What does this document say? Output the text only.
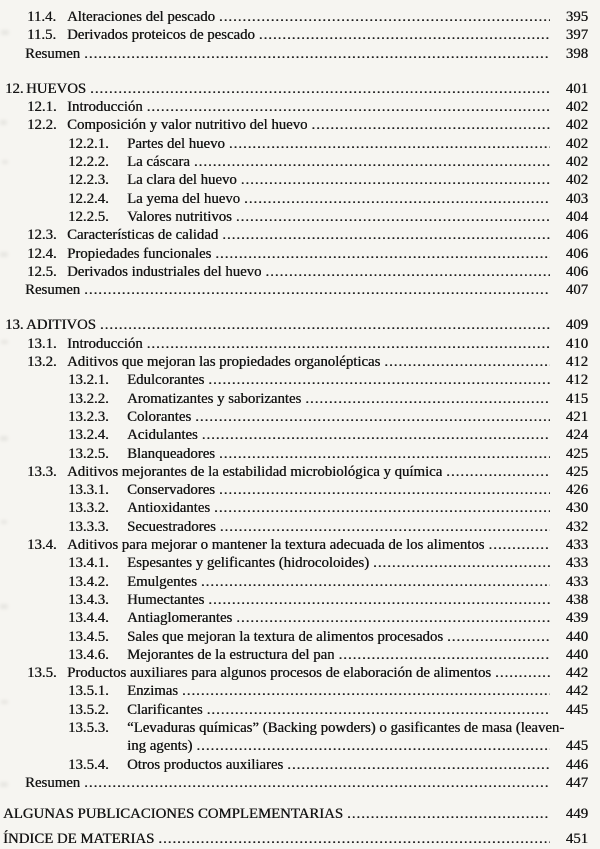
11.4. Alteraciones del pescado .....	395
11.5. Derivados proteicos de pescado .....	397
Resumen .....	398
12. HUEVOS .....	401
12.1. Introducción .....	402
12.2. Composición y valor nutritivo del huevo .....	402
12.2.1.	Partes del huevo .....	402
12.2.2.	La cáscara .....	402
12.2.3.	La clara del huevo .....	402
12.2.4.	La yema del huevo .....	403
12.2.5.	Valores nutritivos .....	404
12.3. Características de calidad .....	406
12.4. Propiedades funcionales .....	406
12.5. Derivados industriales del huevo .....	406
Resumen .....	407
13. ADITIVOS .....	409
13.1. Introducción .....	410
13.2. Aditivos que mejoran las propiedades organolépticas .....	412
13.2.1.	Edulcorantes .....	412
13.2.2.	Aromatizantes y saborizantes .....	415
13.2.3.	Colorantes .....	421
13.2.4.	Acidulantes .....	424
13.2.5.	Blanqueadores .....	425
13.3. Aditivos mejorantes de la estabilidad microbiológica y química .....	425
13.3.1.	Conservadores .....	426
13.3.2.	Antioxidantes .....	430
13.3.3.	Secuestradores .....	432
13.4. Aditivos para mejorar o mantener la textura adecuada de los alimentos .....	433
13.4.1.	Espesantes y gelificantes (hidrocoloides) .....	433
13.4.2.	Emulgentes .....	433
13.4.3.	Humectantes .....	438
13.4.4.	Antiaglomerantes .....	439
13.4.5.	Sales que mejoran la textura de alimentos procesados .....	440
13.4.6.	Mejorantes de la estructura del pan .....	440
13.5. Productos auxiliares para algunos procesos de elaboración de alimentos .....	442
13.5.1.	Enzimas .....	442
13.5.2.	Clarificantes .....	445
13.5.3.	“Levaduras químicas” (Backing powders) o gasificantes de masa (leaven-
ing agents) .....	445
13.5.4.	Otros productos auxiliares .....	446
Resumen .....	447
ALGUNAS PUBLICACIONES COMPLEMENTARIAS .....	449
ÍNDICE DE MATERIAS .....	451
